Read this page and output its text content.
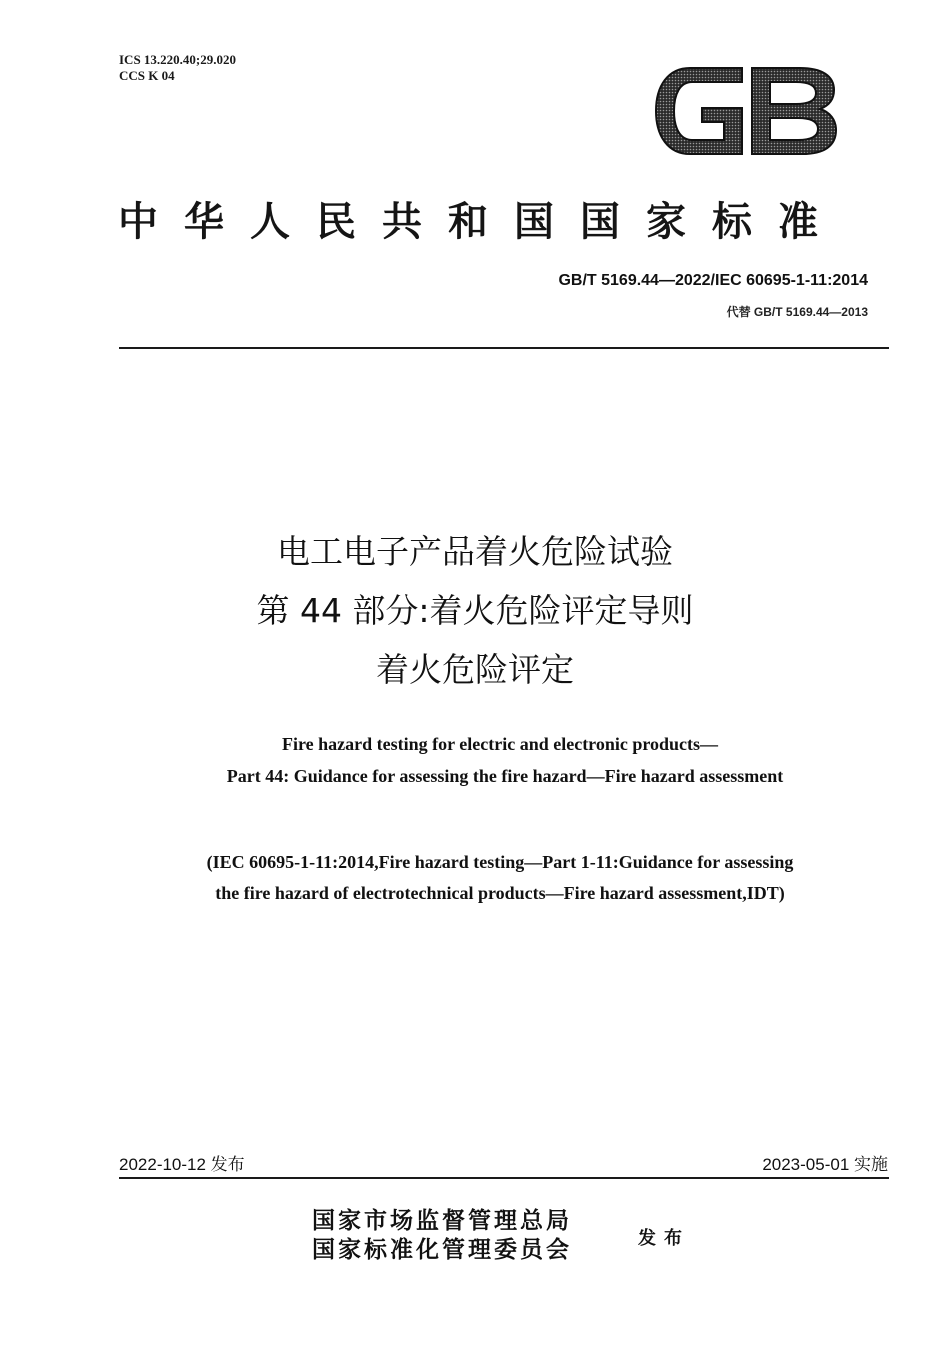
ICS 13.220.40;29.020
CCS K 04
中华人民共和国国家标准
GB/T 5169.44—2022/IEC 60695-1-11:2014
代替 GB/T 5169.44—2013
电工电子产品着火危险试验
第 44 部分:着火危险评定导则
着火危险评定
Fire hazard testing for electric and electronic products—
Part 44: Guidance for assessing the fire hazard—Fire hazard assessment
(IEC 60695-1-11:2014,Fire hazard testing—Part 1-11:Guidance for assessing
the fire hazard of electrotechnical products—Fire hazard assessment,IDT)
2022-10-12 发布	2023-05-01 实施
国家市场监督管理总局
国家标准化管理委员会	发布
